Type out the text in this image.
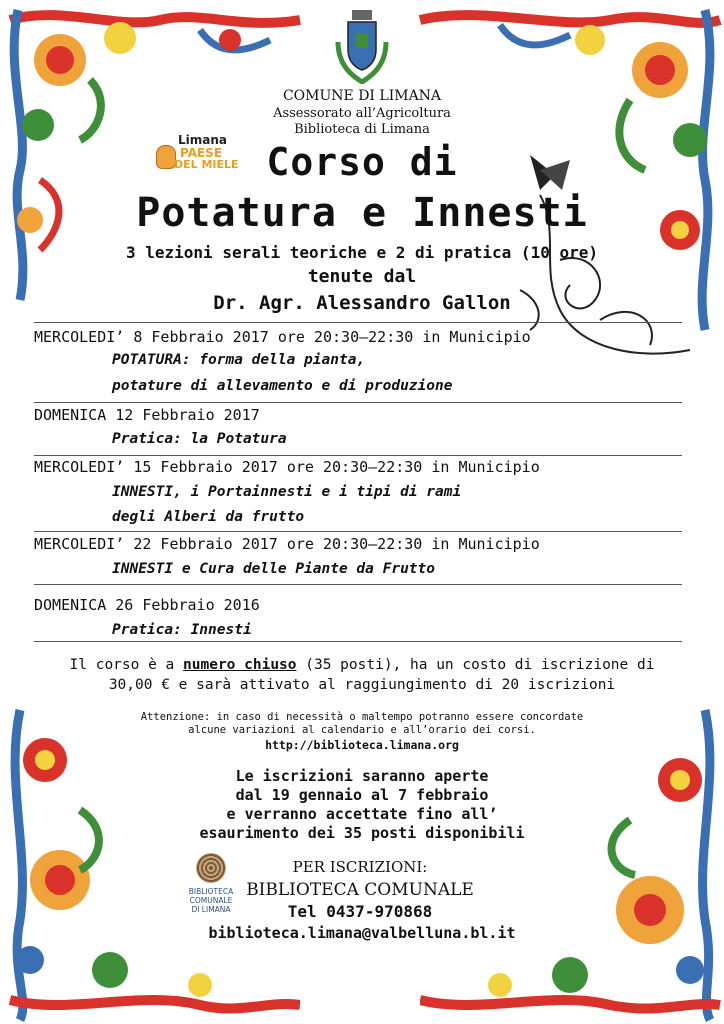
COMUNE DI LIMANA
Assessorato all’Agricoltura
Biblioteca di Limana
Limana
PAESE
DEL MIELE Corso di
Potatura e Innesti
3 lezioni serali teoriche e 2 di pratica (10 ore)
tenute dal
Dr. Agr. Alessandro Gallon
MERCOLEDI’ 8 Febbraio 2017 ore 20:30–22:30 in Municipio
POTATURA: forma della pianta,
potature di allevamento e di produzione
DOMENICA 12 Febbraio 2017
Pratica: la Potatura
MERCOLEDI’ 15 Febbraio 2017 ore 20:30–22:30 in Municipio
INNESTI, i Portainnesti e i tipi di rami
degli Alberi da frutto
MERCOLEDI’ 22 Febbraio 2017 ore 20:30–22:30 in Municipio
INNESTI e Cura delle Piante da Frutto
DOMENICA 26 Febbraio 2016
Pratica: Innesti
Il corso è a numero chiuso (35 posti), ha un costo di iscrizione di
30,00 € e sarà attivato al raggiungimento di 20 iscrizioni
Attenzione: in caso di necessità o maltempo potranno essere concordate
alcune variazioni al calendario e all’orario dei corsi.
http://biblioteca.limana.org
Le iscrizioni saranno aperte
dal 19 gennaio al 7 febbraio
e verranno accettate fino all’
esaurimento dei 35 posti disponibili
BIBLIOTECA
COMUNALE
DI LIMANA
PER ISCRIZIONI:
BIBLIOTECA COMUNALE
Tel 0437-970868
biblioteca.limana@valbelluna.bl.it
